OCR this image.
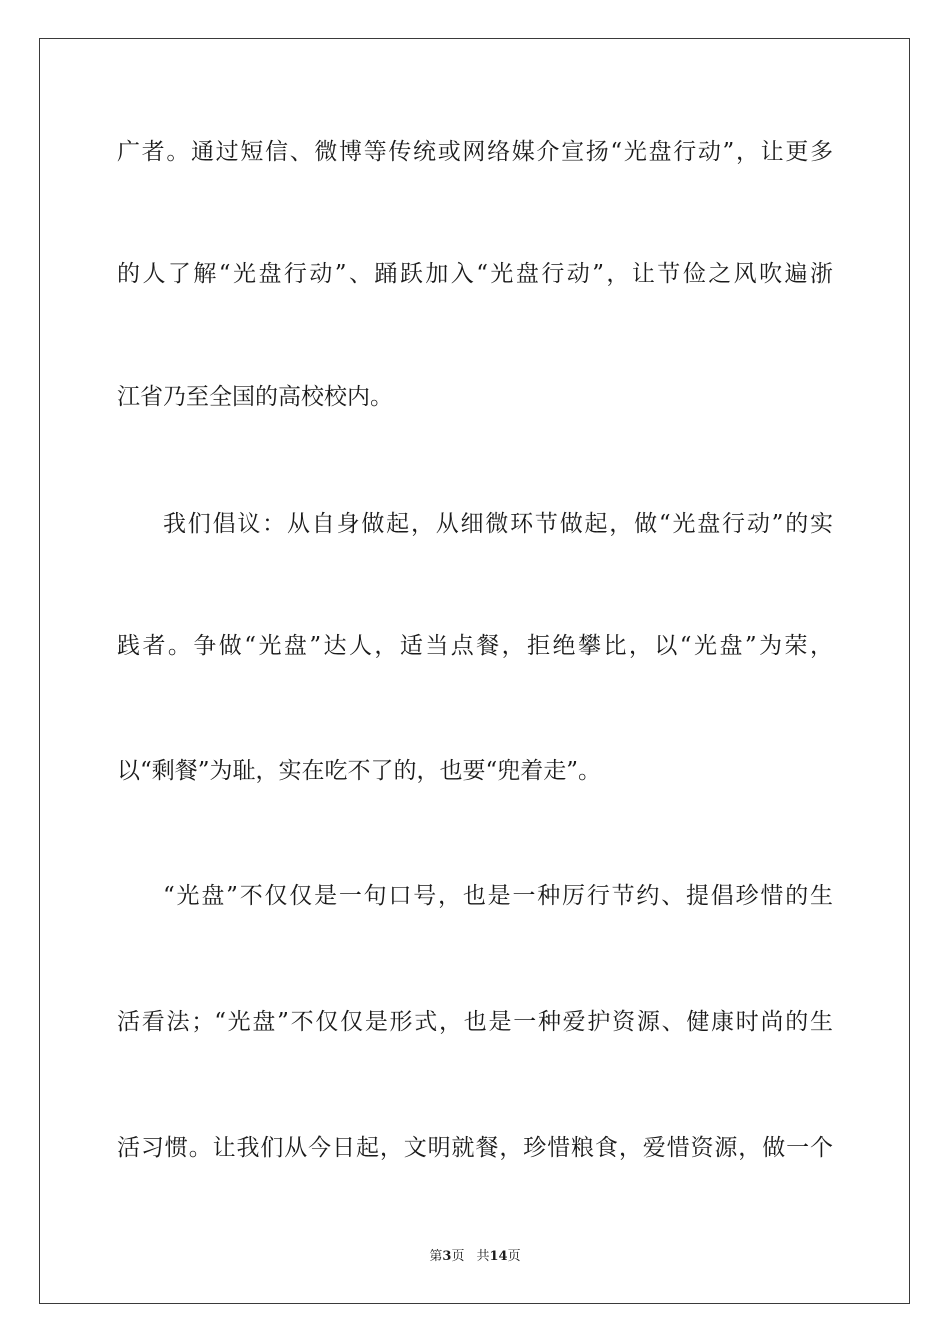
广者。通过短信、微博等传统或网络媒介宣扬“光盘行动”，让更多
的人了解“光盘行动”、踊跃加入“光盘行动”，让节俭之风吹遍浙
江省乃至全国的高校校内。
我们倡议：从自身做起，从细微环节做起，做“光盘行动”的实
践者。争做“光盘”达人，适当点餐，拒绝攀比，以“光盘”为荣，
以“剩餐”为耻，实在吃不了的，也要“兜着走”。
“光盘”不仅仅是一句口号，也是一种厉行节约、提倡珍惜的生
活看法；“光盘”不仅仅是形式，也是一种爱护资源、健康时尚的生
活习惯。让我们从今日起，文明就餐，珍惜粮食，爱惜资源，做一个
第3页 共14页
